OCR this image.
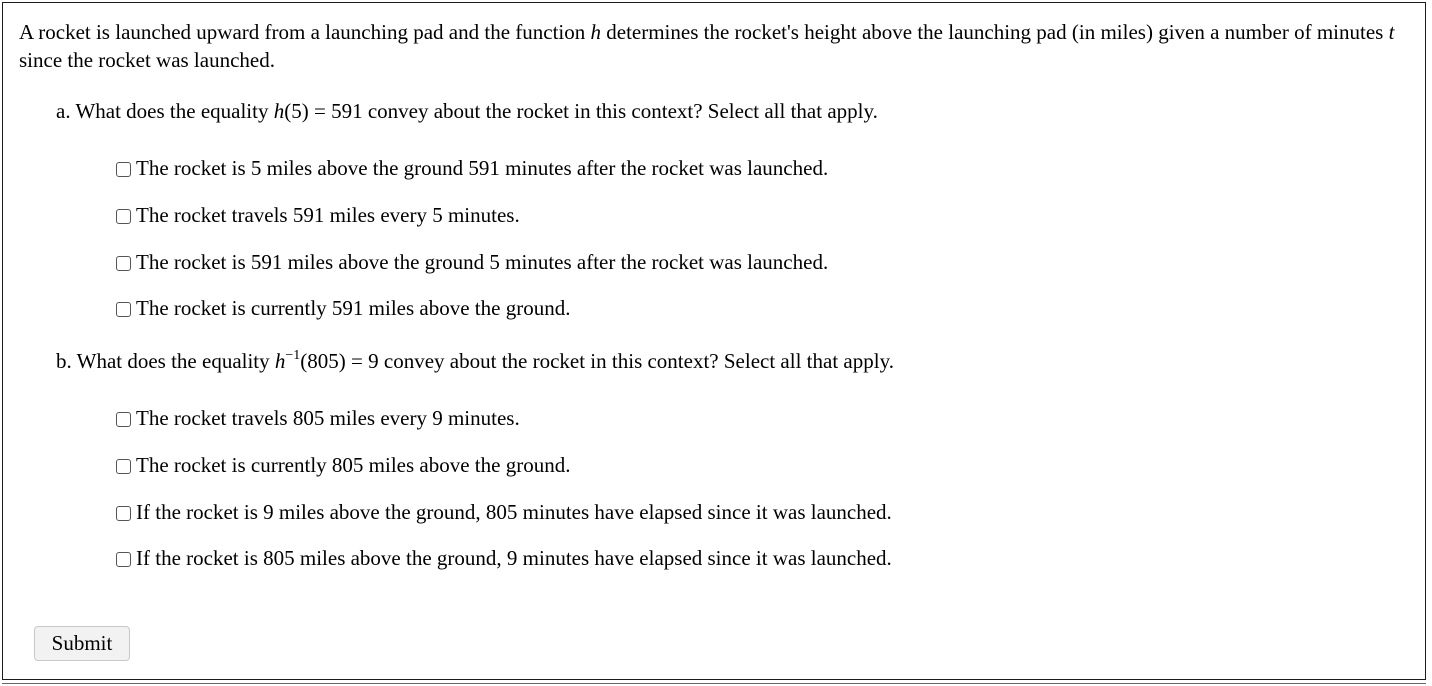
A rocket is launched upward from a launching pad and the function h determines the rocket's height above the launching pad (in miles) given a number of minutes t since the rocket was launched.
a. What does the equality h(5) = 591 convey about the rocket in this context? Select all that apply.
The rocket is 5 miles above the ground 591 minutes after the rocket was launched.
The rocket travels 591 miles every 5 minutes.
The rocket is 591 miles above the ground 5 minutes after the rocket was launched.
The rocket is currently 591 miles above the ground.
b. What does the equality $h^{-1}(805) = 9$ convey about the rocket in this context? Select all that apply.
The rocket travels 805 miles every 9 minutes.
The rocket is currently 805 miles above the ground.
If the rocket is 9 miles above the ground, 805 minutes have elapsed since it was launched.
If the rocket is 805 miles above the ground, 9 minutes have elapsed since it was launched.
Submit
